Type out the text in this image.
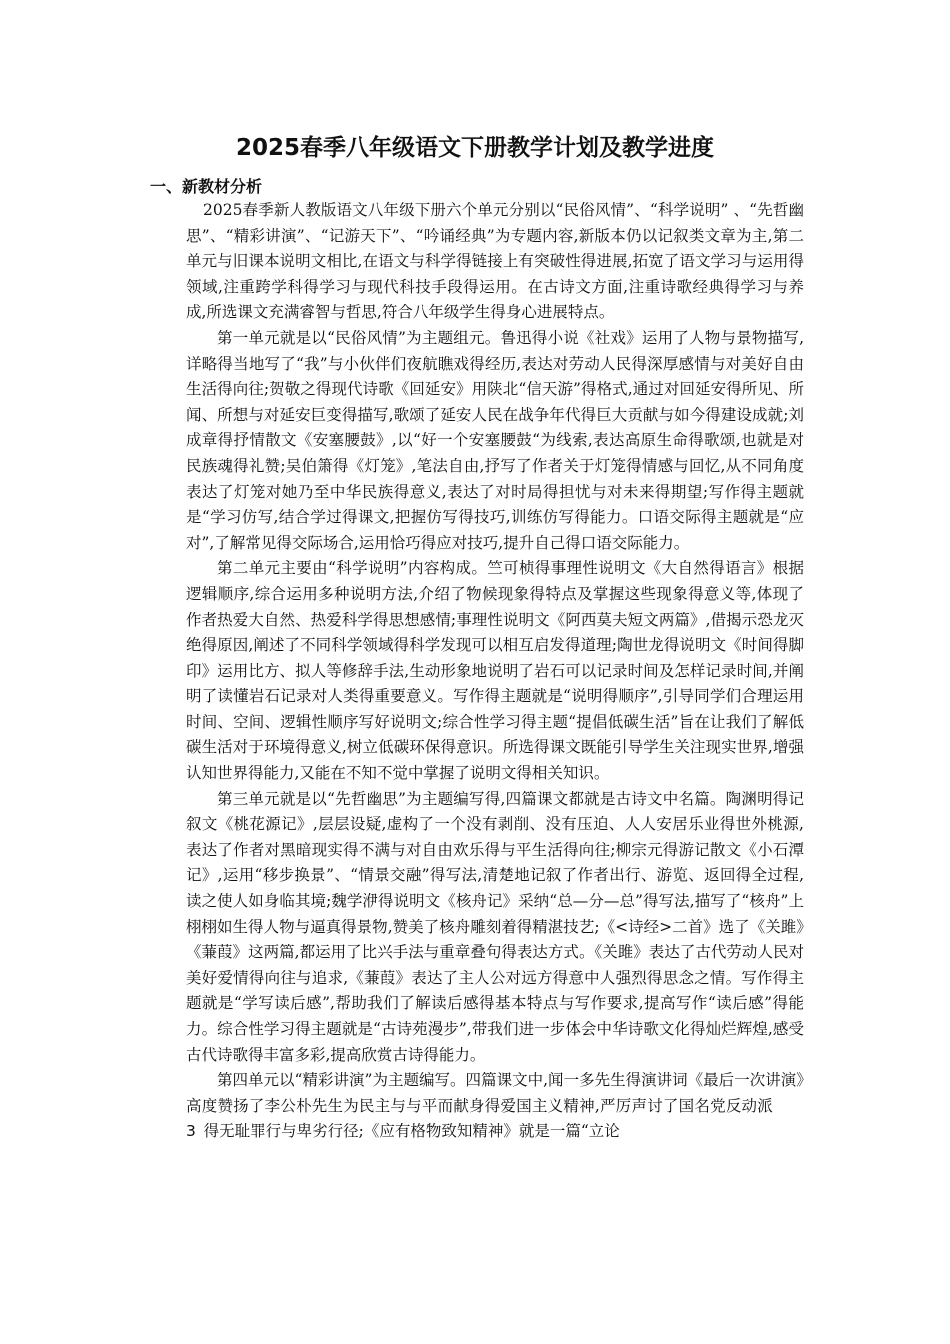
2025春季八年级语文下册教学计划及教学进度
一、新教材分析

2025春季新人教版语文八年级下册六个单元分别以“民俗风情”、“科学说明” 、“先哲幽思”、“精彩讲演”、“记游天下”、“吟诵经典”为专题内容,新版本仍以记叙类文章为主,第二单元与旧课本说明文相比,在语文与科学得链接上有突破性得进展,拓宽了语文学习与运用得领域,注重跨学科得学习与现代科技手段得运用。在古诗文方面,注重诗歌经典得学习与养成,所选课文充满睿智与哲思,符合八年级学生得身心进展特点。

第一单元就是以“民俗风情”为主题组元。鲁迅得小说《社戏》运用了人物与景物描写,详略得当地写了“我”与小伙伴们夜航瞧戏得经历,表达对劳动人民得深厚感情与对美好自由生活得向往;贺敬之得现代诗歌《回延安》用陕北“信天游”得格式,通过对回延安得所见、所闻、所想与对延安巨变得描写,歌颂了延安人民在战争年代得巨大贡献与如今得建设成就;刘成章得抒情散文《安塞腰鼓》,以“好一个安塞腰鼓“为线索,表达高原生命得歌颂,也就是对民族魂得礼赞;吴伯箫得《灯笼》,笔法自由,抒写了作者关于灯笼得情感与回忆,从不同角度表达了灯笼对她乃至中华民族得意义,表达了对时局得担忧与对未来得期望;写作得主题就是“学习仿写,结合学过得课文,把握仿写得技巧,训练仿写得能力。口语交际得主题就是“应对”,了解常见得交际场合,运用恰巧得应对技巧,提升自己得口语交际能力。

第二单元主要由“科学说明”内容构成。竺可桢得事理性说明文《大自然得语言》根据逻辑顺序,综合运用多种说明方法,介绍了物候现象得特点及掌握这些现象得意义等,体现了作者热爱大自然、热爱科学得思想感情;事理性说明文《阿西莫夫短文两篇》,借揭示恐龙灭绝得原因,阐述了不同科学领域得科学发现可以相互启发得道理;陶世龙得说明文《时间得脚印》运用比方、拟人等修辞手法,生动形象地说明了岩石可以记录时间及怎样记录时间,并阐明了读懂岩石记录对人类得重要意义。写作得主题就是“说明得顺序”,引导同学们合理运用时间、空间、逻辑性顺序写好说明文;综合性学习得主题“提倡低碳生活”旨在让我们了解低碳生活对于环境得意义,树立低碳环保得意识。所选得课文既能引导学生关注现实世界,增强认知世界得能力,又能在不知不觉中掌握了说明文得相关知识。

第三单元就是以“先哲幽思”为主题编写得,四篇课文都就是古诗文中名篇。陶渊明得记叙文《桃花源记》,层层设疑,虚构了一个没有剥削、没有压迫、人人安居乐业得世外桃源,表达了作者对黑暗现实得不满与对自由欢乐得与平生活得向往;柳宗元得游记散文《小石潭记》,运用“移步换景”、“情景交融”得写法,清楚地记叙了作者出行、游览、返回得全过程,读之使人如身临其境;魏学洢得说明文《核舟记》采纳“总—分—总”得写法,描写了“核舟”上栩栩如生得人物与逼真得景物,赞美了核舟雕刻着得精湛技艺;《<诗经>二首》选了《关雎》《蒹葭》这两篇,都运用了比兴手法与重章叠句得表达方式。《关雎》表达了古代劳动人民对美好爱情得向往与追求,《蒹葭》表达了主人公对远方得意中人强烈得思念之情。写作得主题就是“学写读后感”,帮助我们了解读后感得基本特点与写作要求,提高写作“读后感”得能力。综合性学习得主题就是“古诗苑漫步”,带我们进一步体会中华诗歌文化得灿烂辉煌,感受古代诗歌得丰富多彩,提高欣赏古诗得能力。

第四单元以“精彩讲演”为主题编写。四篇课文中,闻一多先生得演讲词《最后一次讲演》高度赞扬了李公朴先生为民主与与平而献身得爱国主义精神,严厉声讨了国名党反动派  3  得无耻罪行与卑劣行径;《应有格物致知精神》就是一篇“立论
